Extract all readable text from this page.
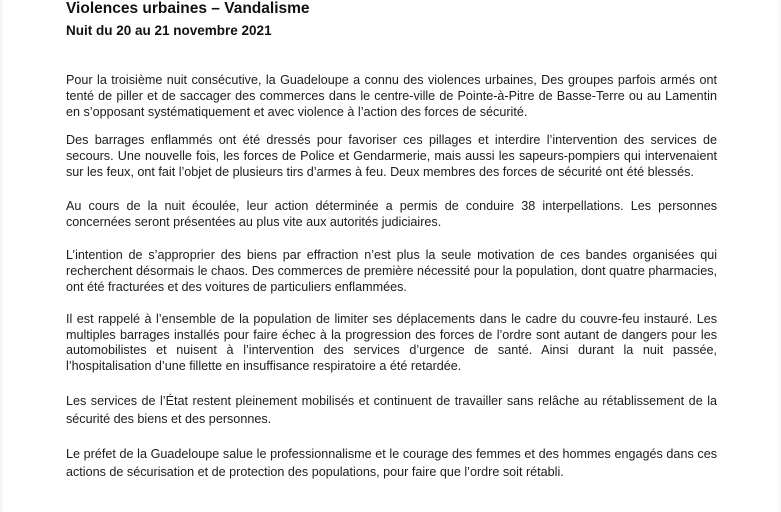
Violences urbaines – Vandalisme
Nuit du 20 au 21 novembre 2021

Pour la troisième nuit consécutive, la Guadeloupe a connu des violences urbaines, Des groupes parfois armés ont tenté de piller et de saccager des commerces dans le centre-ville de Pointe-à-Pitre de Basse-Terre ou au Lamentin en s’opposant systématiquement et avec violence à l’action des forces de sécurité.

Des barrages enflammés ont été dressés pour favoriser ces pillages et interdire l’intervention des services de secours. Une nouvelle fois, les forces de Police et Gendarmerie, mais aussi les sapeurs-pompiers qui intervenaient sur les feux, ont fait l’objet de plusieurs tirs d’armes à feu. Deux membres des forces de sécurité ont été blessés.

Au cours de la nuit écoulée, leur action déterminée a permis de conduire 38 interpellations. Les personnes concernées seront présentées au plus vite aux autorités judiciaires.

L’intention de s’approprier des biens par effraction n’est plus la seule motivation de ces bandes organisées qui recherchent désormais le chaos. Des commerces de première nécessité pour la population, dont quatre pharmacies, ont été fracturées et des voitures de particuliers enflammées.

Il est rappelé à l’ensemble de la population de limiter ses déplacements dans le cadre du couvre-feu instauré. Les multiples barrages installés pour faire échec à la progression des forces de l’ordre sont autant de dangers pour les automobilistes et nuisent à l’intervention des services d’urgence de santé. Ainsi durant la nuit passée, l’hospitalisation d’une fillette en insuffisance respiratoire a été retardée.

Les services de l’État restent pleinement mobilisés et continuent de travailler sans relâche au rétablissement de la sécurité des biens et des personnes.

Le préfet de la Guadeloupe salue le professionnalisme et le courage des femmes et des hommes engagés dans ces actions de sécurisation et de protection des populations, pour faire que l’ordre soit rétabli.
